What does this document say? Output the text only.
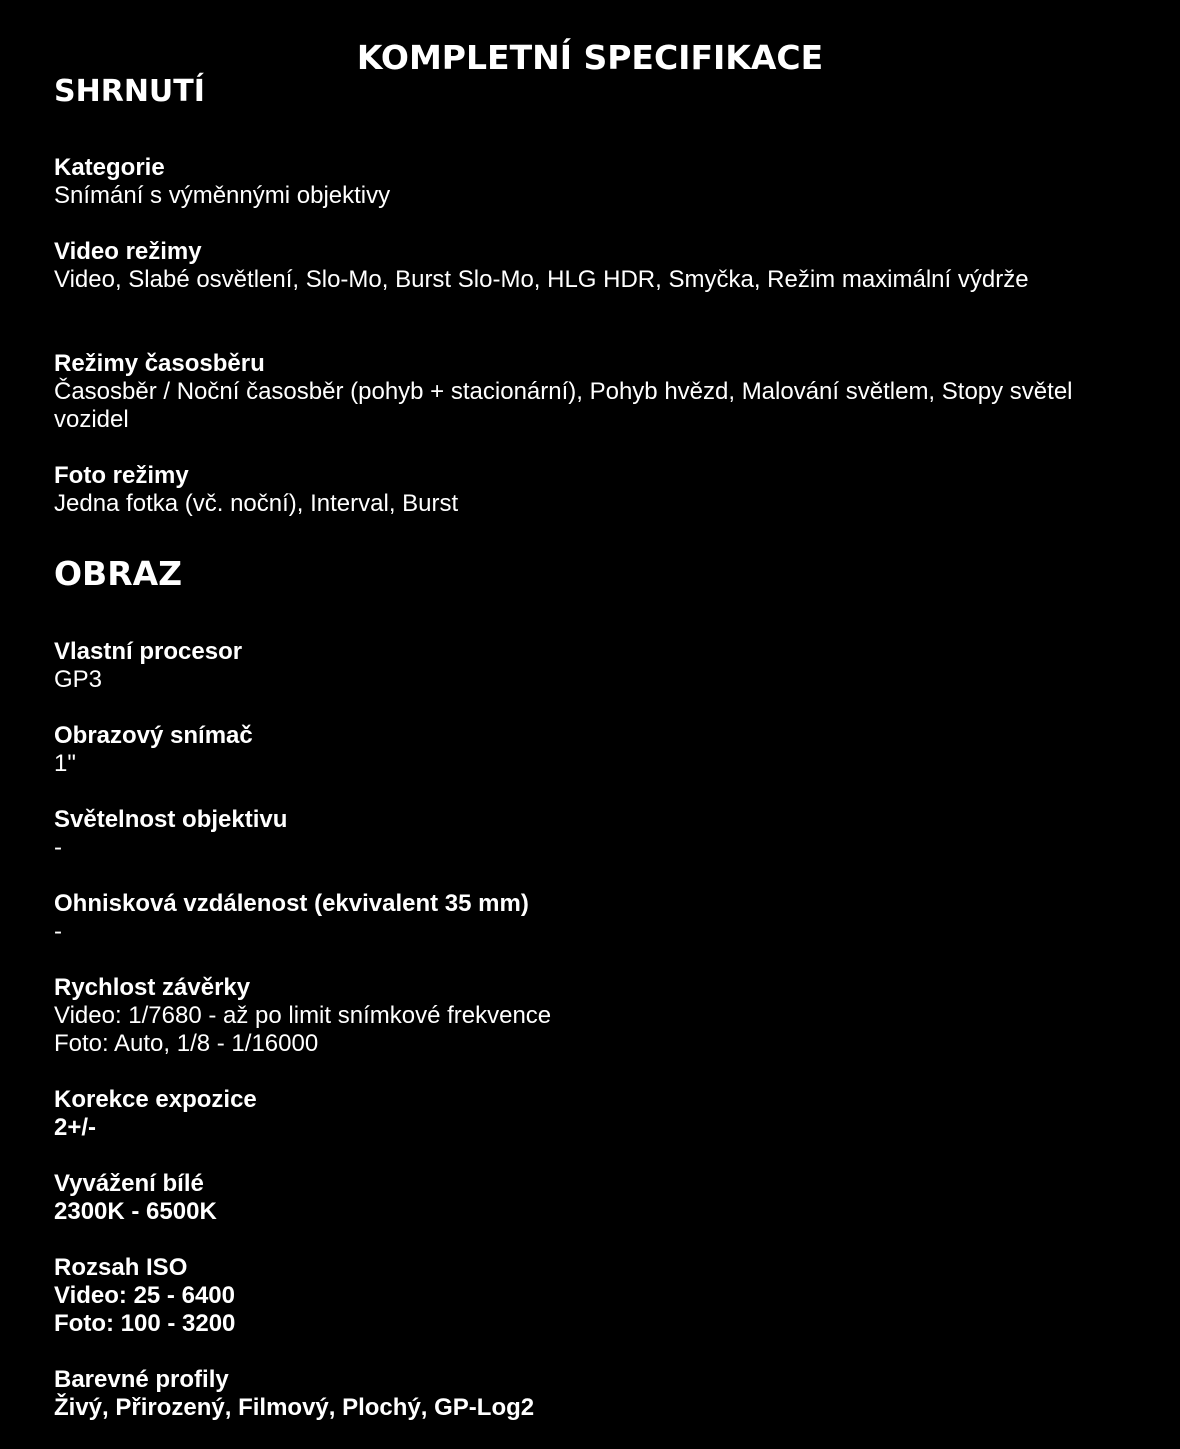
KOMPLETNÍ SPECIFIKACE
SHRNUTÍ

Kategorie

Snímání s výměnnými objektivy

Video režimy

Video, Slabé osvětlení, Slo-Mo, Burst Slo-Mo, HLG HDR, Smyčka, Režim maximální výdrže

Režimy časosběru

Časosběr / Noční časosběr (pohyb + stacionární), Pohyb hvězd, Malování světlem, Stopy světel vozidel

Foto režimy

Jedna fotka (vč. noční), Interval, Burst

OBRAZ

Vlastní procesor

GP3

Obrazový snímač

1"

Světelnost objektivu

-

Ohnisková vzdálenost (ekvivalent 35 mm)

-

Rychlost závěrky

Video: 1/7680 - až po limit snímkové frekvence
Foto: Auto, 1/8 - 1/16000

Korekce expozice

2+/-

Vyvážení bílé

2300K - 6500K

Rozsah ISO

Video: 25 - 6400
Foto: 100 - 3200

Barevné profily

Živý, Přirozený, Filmový, Plochý, GP-Log2
